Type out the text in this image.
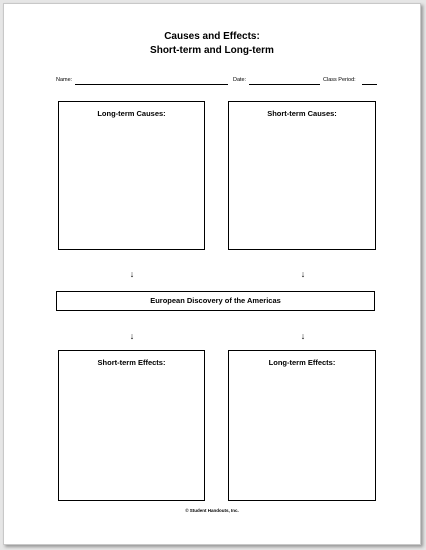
Causes and Effects:
Short-term and Long-term
Name:	Date:	Class Period:
Long-term Causes:	Short-term Causes:
↓	↓
European Discovery of the Americas
↓	↓
Short-term Effects:	Long-term Effects:
© Student Handouts, Inc.
